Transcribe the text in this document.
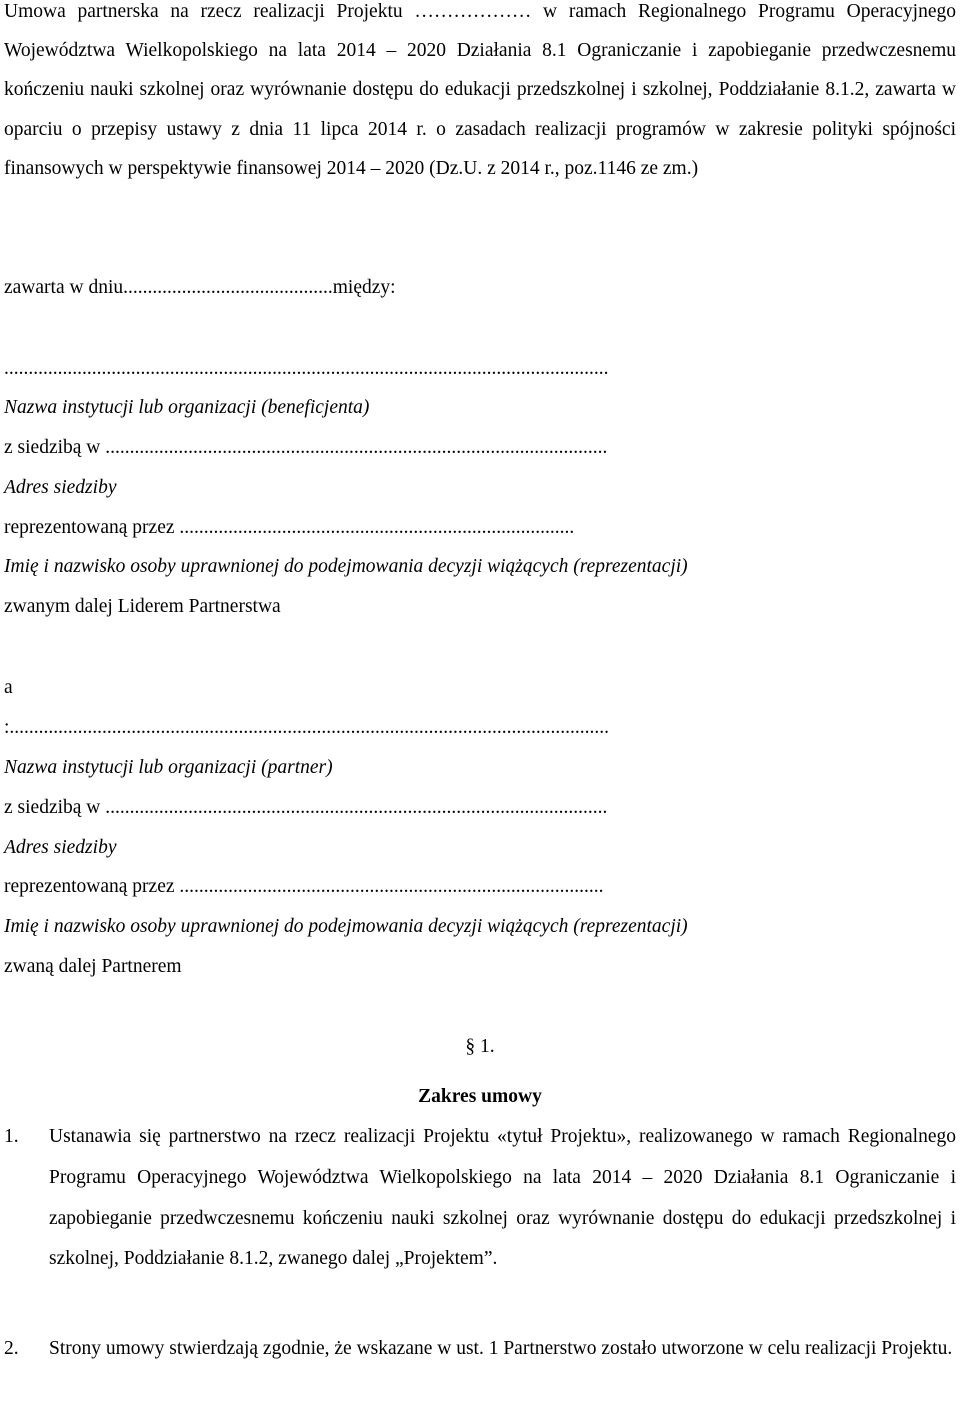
Umowa partnerska na rzecz realizacji Projektu ……………… w ramach Regionalnego Programu Operacyjnego Województwa Wielkopolskiego na lata 2014 – 2020 Działania 8.1 Ograniczanie i zapobieganie przedwczesnemu kończeniu nauki szkolnej oraz wyrównanie dostępu do edukacji przedszkolnej i szkolnej, Poddziałanie 8.1.2, zawarta w oparciu o przepisy ustawy z dnia 11 lipca 2014 r. o zasadach realizacji programów w zakresie polityki spójności finansowych w perspektywie finansowej 2014 – 2020 (Dz.U. z 2014 r., poz.1146 ze zm.)

zawarta w dniu...........................................między:

............................................................................................................................

Nazwa instytucji lub organizacji (beneficjenta)

z siedzibą w .......................................................................................................

Adres siedziby

reprezentowaną przez .................................................................................

Imię i nazwisko osoby uprawnionej do podejmowania decyzji wiążących (reprezentacji)

zwanym dalej Liderem Partnerstwa

a

:...........................................................................................................................

Nazwa instytucji lub organizacji (partner)

z siedzibą w .......................................................................................................

Adres siedziby

reprezentowaną przez .......................................................................................

Imię i nazwisko osoby uprawnionej do podejmowania decyzji wiążących (reprezentacji)

zwaną dalej Partnerem

§ 1.

Zakres umowy

1. Ustanawia się partnerstwo na rzecz realizacji Projektu «tytuł Projektu», realizowanego w ramach Regionalnego Programu Operacyjnego Województwa Wielkopolskiego na lata 2014 – 2020 Działania 8.1 Ograniczanie i zapobieganie przedwczesnemu kończeniu nauki szkolnej oraz wyrównanie dostępu do edukacji przedszkolnej i szkolnej, Poddziałanie 8.1.2, zwanego dalej „Projektem”.

2. Strony umowy stwierdzają zgodnie, że wskazane w ust. 1 Partnerstwo zostało utworzone w celu realizacji Projektu.
